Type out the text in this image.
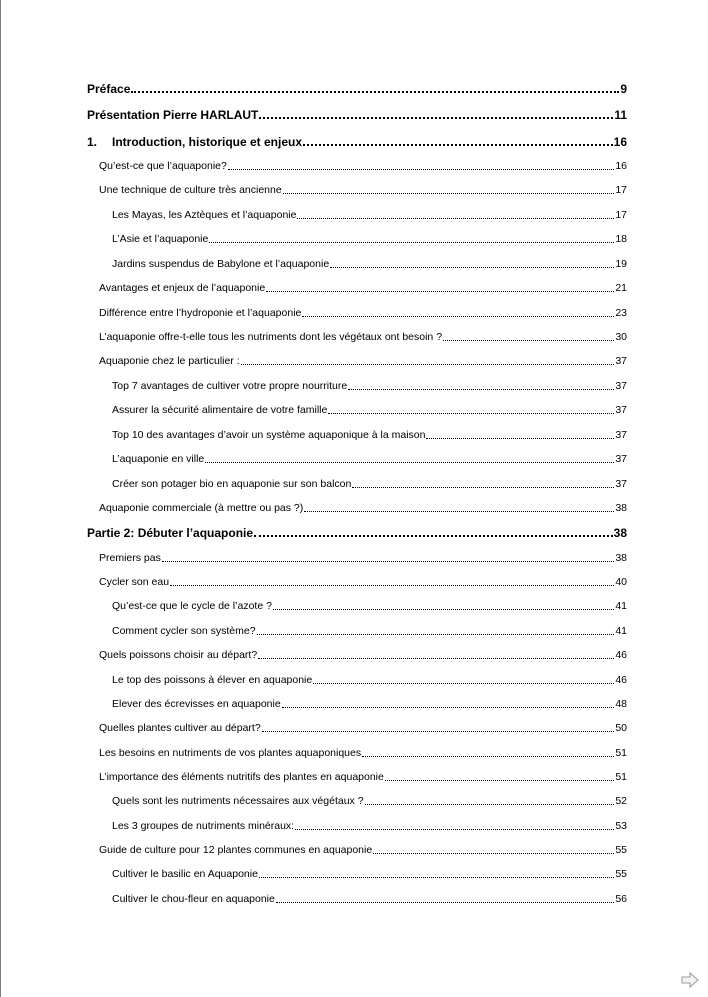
Préface	9
Présentation Pierre HARLAUT	11
1.	Introduction, historique et enjeux	16
Qu’est-ce que l’aquaponie?	16
Une technique de culture très ancienne	17
Les Mayas, les Aztèques et l’aquaponie	17
L’Asie et l’aquaponie	18
Jardins suspendus de Babylone et l’aquaponie	19
Avantages et enjeux de l’aquaponie	21
Différence entre l’hydroponie et l’aquaponie	23
L’aquaponie offre-t-elle tous les nutriments dont les végétaux ont besoin ?	30
Aquaponie chez le particulier :	37
Top 7 avantages de cultiver votre propre nourriture	37
Assurer la sécurité alimentaire de votre famille	37
Top 10 des avantages d’avoir un système aquaponique à la maison	37
L’aquaponie en ville	37
Créer son potager bio en aquaponie sur son balcon	37
Aquaponie commerciale (à mettre ou pas ?)	38
Partie 2: Débuter l’aquaponie	38
Premiers pas	38
Cycler son eau	40
Qu’est-ce que le cycle de l’azote ?	41
Comment cycler son système?	41
Quels poissons choisir au départ?	46
Le top des poissons à élever en aquaponie	46
Elever des écrevisses en aquaponie	48
Quelles plantes cultiver au départ?	50
Les besoins en nutriments de vos plantes aquaponiques	51
L’importance des éléments nutritifs des plantes en aquaponie	51
Quels sont les nutriments nécessaires aux végétaux ?	52
Les 3 groupes de nutriments minéraux:	53
Guide de culture pour 12 plantes communes en aquaponie	55
Cultiver le basilic en Aquaponie	55
Cultiver le chou-fleur en aquaponie	56
